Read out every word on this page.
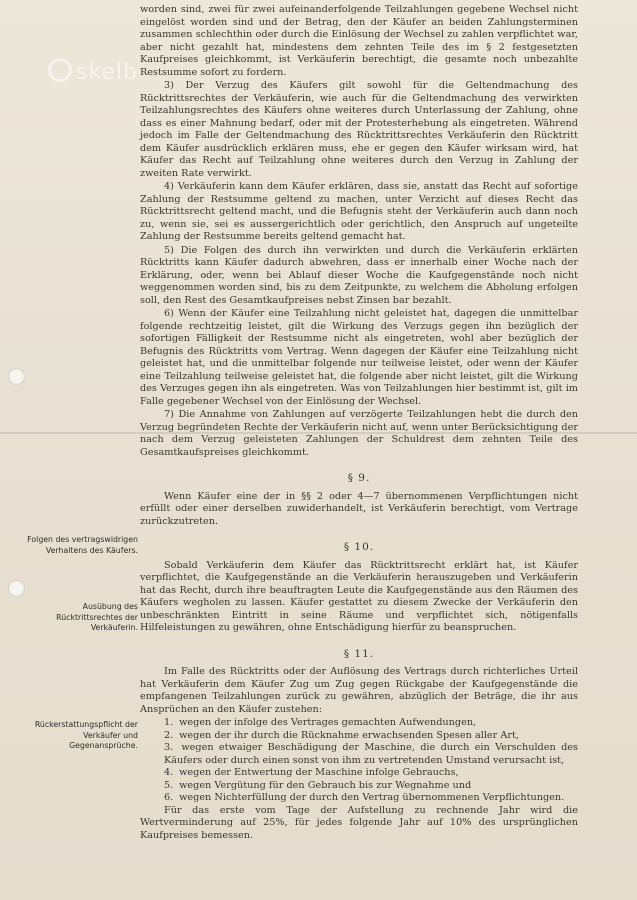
skelb

worden sind, zwei für zwei aufeinanderfolgende Teilzahlungen gegebene Wechsel nicht eingelöst worden sind und der Betrag, den der Käufer an beiden Zahlungsterminen zusammen schlechthin oder durch die Einlösung der Wechsel zu zahlen verpflichtet war, aber nicht gezahlt hat, mindestens dem zehnten Teile des im § 2 festgesetzten Kaufpreises gleichkommt, ist Verkäuferin berechtigt, die gesamte noch unbezahlte Restsumme sofort zu fordern.

3) Der Verzug des Käufers gilt sowohl für die Geltendmachung des Rücktrittsrechtes der Verkäuferin, wie auch für die Geltendmachung des verwirkten Teilzahlungsrechtes des Käufers ohne weiteres durch Unterlassung der Zahlung, ohne dass es einer Mahnung bedarf, oder mit der Protesterhebung als eingetreten. Während jedoch im Falle der Geltendmachung des Rücktrittsrechtes Verkäuferin den Rücktritt dem Käufer ausdrücklich erklären muss, ehe er gegen den Käufer wirksam wird, hat Käufer das Recht auf Teilzahlung ohne weiteres durch den Verzug in Zahlung der zweiten Rate verwirkt.

4) Verkäuferin kann dem Käufer erklären, dass sie, anstatt das Recht auf sofortige Zahlung der Restsumme geltend zu machen, unter Verzicht auf dieses Recht das Rücktrittsrecht geltend macht, und die Befugnis steht der Verkäuferin auch dann noch zu, wenn sie, sei es aussergerichtlich oder gerichtlich, den Anspruch auf ungeteilte Zahlung der Restsumme bereits geltend gemacht hat.

5) Die Folgen des durch ihn verwirkten und durch die Verkäuferin erklärten Rücktritts kann Käufer dadurch abwehren, dass er innerhalb einer Woche nach der Erklärung, oder, wenn bei Ablauf dieser Woche die Kaufgegenstände noch nicht weggenommen worden sind, bis zu dem Zeitpunkte, zu welchem die Abholung erfolgen soll, den Rest des Gesamtkaufpreises nebst Zinsen bar bezahlt.

6) Wenn der Käufer eine Teilzahlung nicht geleistet hat, dagegen die unmittelbar folgende rechtzeitig leistet, gilt die Wirkung des Verzugs gegen ihn bezüglich der sofortigen Fälligkeit der Restsumme nicht als eingetreten, wohl aber bezüglich der Befugnis des Rücktritts vom Vertrag. Wenn dagegen der Käufer eine Teilzahlung nicht geleistet hat, und die unmittelbar folgende nur teilweise leistet, oder wenn der Käufer eine Teilzahlung teilweise geleistet hat, die folgende aber nicht leistet, gilt die Wirkung des Verzuges gegen ihn als eingetreten. Was von Teilzahlungen hier bestimmt ist, gilt im Falle gegebener Wechsel von der Einlösung der Wechsel.

7) Die Annahme von Zahlungen auf verzögerte Teilzahlungen hebt die durch den Verzug begründeten Rechte der Verkäuferin nicht auf, wenn unter Berücksichtigung der nach dem Verzug geleisteten Zahlungen der Schuldrest dem zehnten Teile des Gesamtkaufspreises gleichkommt.

§ 9.

Wenn Käufer eine der in §§ 2 oder 4—7 übernommenen Verpflichtungen nicht erfüllt oder einer derselben zuwiderhandelt, ist Verkäuferin berechtigt, vom Vertrage zurückzutreten.

§ 10.

Sobald Verkäuferin dem Käufer das Rücktrittsrecht erklärt hat, ist Käufer verpflichtet, die Kaufgegenstände an die Verkäuferin herauszugeben und Verkäuferin hat das Recht, durch ihre beauftragten Leute die Kaufgegenstände aus den Räumen des Käufers wegholen zu lassen. Käufer gestattet zu diesem Zwecke der Verkäuferin den unbeschränkten Eintritt in seine Räume und verpflichtet sich, nötigenfalls Hilfeleistungen zu gewähren, ohne Entschädigung hierfür zu beanspruchen.

§ 11.

Im Falle des Rücktritts oder der Auflösung des Vertrags durch richterliches Urteil hat Verkäuferin dem Käufer Zug um Zug gegen Rückgabe der Kaufgegenstände die empfangenen Teilzahlungen zurück zu gewähren, abzüglich der Beträge, die ihr aus Ansprüchen an den Käufer zustehen:

1. wegen der infolge des Vertrages gemachten Aufwendungen,
2. wegen der ihr durch die Rücknahme erwachsenden Spesen aller Art,
3. wegen etwaiger Beschädigung der Maschine, die durch ein Verschulden des Käufers oder durch einen sonst von ihm zu vertretenden Umstand verursacht ist,
4. wegen der Entwertung der Maschine infolge Gebrauchs,
5. wegen Vergütung für den Gebrauch bis zur Wegnahme und
6. wegen Nichterfüllung der durch den Vertrag übernommenen Verpflichtungen.

Für das erste vom Tage der Aufstellung zu rechnende Jahr wird die Wertverminderung auf 25%, für jedes folgende Jahr auf 10% des ursprünglichen Kaufpreises bemessen.

Folgen des vertragswidrigen Verhaltens des Käufers.
Ausübung des Rücktrittsrechtes der Verkäuferin.
Rückerstattungspflicht der Verkäufer und Gegenansprüche.
